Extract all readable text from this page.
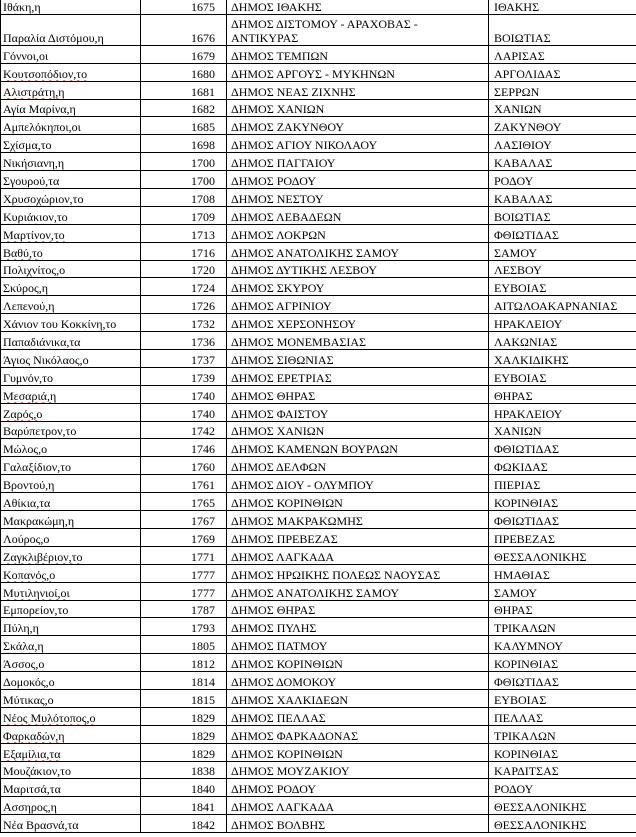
Ιθάκη,η	1675	ΔΗΜΟΣ ΙΘΑΚΗΣ	ΙΘΑΚΗΣ
Παραλία Διστόμου,η	1676	ΔΗΜΟΣ ΔΙΣΤΟΜΟΥ - ΑΡΑΧΟΒΑΣ - ΑΝΤΙΚΥΡΑΣ	ΒΟΙΩΤΙΑΣ
Γόννοι,οι	1679	ΔΗΜΟΣ ΤΕΜΠΩΝ	ΛΑΡΙΣΑΣ
Κουτσοπόδιον,το	1680	ΔΗΜΟΣ ΑΡΓΟΥΣ - ΜΥΚΗΝΩΝ	ΑΡΓΟΛΙΔΑΣ
Αλιστράτη,η	1681	ΔΗΜΟΣ ΝΕΑΣ ΖΙΧΝΗΣ	ΣΕΡΡΩΝ
Αγία Μαρίνα,η	1682	ΔΗΜΟΣ ΧΑΝΙΩΝ	ΧΑΝΙΩΝ
Αμπελόκηποι,οι	1685	ΔΗΜΟΣ ΖΑΚΥΝΘΟΥ	ΖΑΚΥΝΘΟΥ
Σχίσμα,το	1698	ΔΗΜΟΣ ΑΓΙΟΥ ΝΙΚΟΛΑΟΥ	ΛΑΣΙΘΙΟΥ
Νικήσιανη,η	1700	ΔΗΜΟΣ ΠΑΓΓΑΙΟΥ	ΚΑΒΑΛΑΣ
Σγουρού,τα	1700	ΔΗΜΟΣ ΡΟΔΟΥ	ΡΟΔΟΥ
Χρυσοχώριον,το	1708	ΔΗΜΟΣ ΝΕΣΤΟΥ	ΚΑΒΑΛΑΣ
Κυριάκιον,το	1709	ΔΗΜΟΣ ΛΕΒΑΔΕΩΝ	ΒΟΙΩΤΙΑΣ
Μαρτίνον,το	1713	ΔΗΜΟΣ ΛΟΚΡΩΝ	ΦΘΙΩΤΙΔΑΣ
Βαθύ,το	1716	ΔΗΜΟΣ ΑΝΑΤΟΛΙΚΗΣ ΣΑΜΟΥ	ΣΑΜΟΥ
Πολιχνίτος,ο	1720	ΔΗΜΟΣ ΔΥΤΙΚΗΣ ΛΕΣΒΟΥ	ΛΕΣΒΟΥ
Σκύρος,η	1724	ΔΗΜΟΣ ΣΚΥΡΟΥ	ΕΥΒΟΙΑΣ
Λεπενού,η	1726	ΔΗΜΟΣ ΑΓΡΙΝΙΟΥ	ΑΙΤΩΛΟΑΚΑΡΝΑΝΙΑΣ
Χάνιον του Κοκκίνη,το	1732	ΔΗΜΟΣ ΧΕΡΣΟΝΗΣΟΥ	ΗΡΑΚΛΕΙΟΥ
Παπαδιάνικα,τα	1736	ΔΗΜΟΣ ΜΟΝΕΜΒΑΣΙΑΣ	ΛΑΚΩΝΙΑΣ
Άγιος Νικόλαος,ο	1737	ΔΗΜΟΣ ΣΙΘΩΝΙΑΣ	ΧΑΛΚΙΔΙΚΗΣ
Γυμνόν,το	1739	ΔΗΜΟΣ ΕΡΕΤΡΙΑΣ	ΕΥΒΟΙΑΣ
Μεσαριά,η	1740	ΔΗΜΟΣ ΘΗΡΑΣ	ΘΗΡΑΣ
Ζαρός,ο	1740	ΔΗΜΟΣ ΦΑΙΣΤΟΥ	ΗΡΑΚΛΕΙΟΥ
Βαρύπετρον,το	1742	ΔΗΜΟΣ ΧΑΝΙΩΝ	ΧΑΝΙΩΝ
Μώλος,ο	1746	ΔΗΜΟΣ ΚΑΜΕΝΩΝ ΒΟΥΡΛΩΝ	ΦΘΙΩΤΙΔΑΣ
Γαλαξίδιον,το	1760	ΔΗΜΟΣ ΔΕΛΦΩΝ	ΦΩΚΙΔΑΣ
Βροντού,η	1761	ΔΗΜΟΣ ΔΙΟΥ - ΟΛΥΜΠΟΥ	ΠΙΕΡΙΑΣ
Αθίκια,τα	1765	ΔΗΜΟΣ ΚΟΡΙΝΘΙΩΝ	ΚΟΡΙΝΘΙΑΣ
Μακρακώμη,η	1767	ΔΗΜΟΣ ΜΑΚΡΑΚΩΜΗΣ	ΦΘΙΩΤΙΔΑΣ
Λούρος,ο	1769	ΔΗΜΟΣ ΠΡΕΒΕΖΑΣ	ΠΡΕΒΕΖΑΣ
Ζαγκλιβέριον,το	1771	ΔΗΜΟΣ ΛΑΓΚΑΔΑ	ΘΕΣΣΑΛΟΝΙΚΗΣ
Κοπανός,ο	1777	ΔΗΜΟΣ ΗΡΩΙΚΗΣ ΠΟΛΕΩΣ ΝΑΟΥΣΑΣ	ΗΜΑΘΙΑΣ
Μυτιληνιοί,οι	1777	ΔΗΜΟΣ ΑΝΑΤΟΛΙΚΗΣ ΣΑΜΟΥ	ΣΑΜΟΥ
Εμπορείον,το	1787	ΔΗΜΟΣ ΘΗΡΑΣ	ΘΗΡΑΣ
Πύλη,η	1793	ΔΗΜΟΣ ΠΥΛΗΣ	ΤΡΙΚΑΛΩΝ
Σκάλα,η	1805	ΔΗΜΟΣ ΠΑΤΜΟΥ	ΚΑΛΥΜΝΟΥ
Άσσος,ο	1812	ΔΗΜΟΣ ΚΟΡΙΝΘΙΩΝ	ΚΟΡΙΝΘΙΑΣ
Δομοκός,ο	1814	ΔΗΜΟΣ ΔΟΜΟΚΟΥ	ΦΘΙΩΤΙΔΑΣ
Μύτικας,ο	1815	ΔΗΜΟΣ ΧΑΛΚΙΔΕΩΝ	ΕΥΒΟΙΑΣ
Νέος Μυλότοπος,ο	1829	ΔΗΜΟΣ ΠΕΛΛΑΣ	ΠΕΛΛΑΣ
Φαρκαδών,η	1829	ΔΗΜΟΣ ΦΑΡΚΑΔΟΝΑΣ	ΤΡΙΚΑΛΩΝ
Εξαμίλια,τα	1829	ΔΗΜΟΣ ΚΟΡΙΝΘΙΩΝ	ΚΟΡΙΝΘΙΑΣ
Μουζάκιον,το	1838	ΔΗΜΟΣ ΜΟΥΖΑΚΙΟΥ	ΚΑΡΔΙΤΣΑΣ
Μαριτσά,τα	1840	ΔΗΜΟΣ ΡΟΔΟΥ	ΡΟΔΟΥ
Ασσηρος,η	1841	ΔΗΜΟΣ ΛΑΓΚΑΔΑ	ΘΕΣΣΑΛΟΝΙΚΗΣ
Νέα Βρασνά,τα	1842	ΔΗΜΟΣ ΒΟΛΒΗΣ	ΘΕΣΣΑΛΟΝΙΚΗΣ
